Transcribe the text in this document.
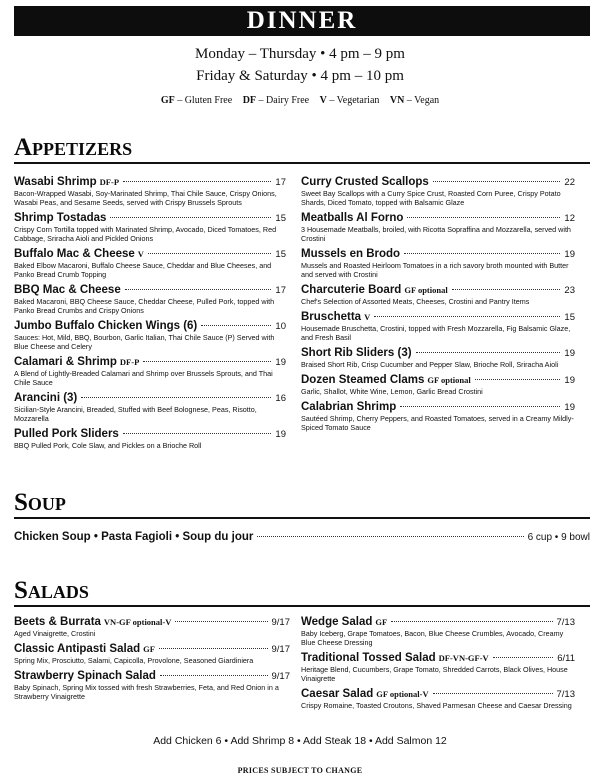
DINNER
Monday – Thursday • 4 pm – 9 pm
Friday & Saturday • 4 pm – 10 pm
GF – Gluten Free DF – Dairy Free V – Vegetarian VN – Vegan
Appetizers
Wasabi Shrimp DF-P	17
Bacon-Wrapped Wasabi, Soy-Marinated Shrimp, Thai Chile Sauce, Crispy Onions, Wasabi Peas, and Sesame Seeds, served with Crispy Brussels Sprouts
Shrimp Tostadas	15
Crispy Corn Tortilla topped with Marinated Shrimp, Avocado, Diced Tomatoes, Red Cabbage, Sriracha Aioli and Pickled Onions
Buffalo Mac & Cheese V	15
Baked Elbow Macaroni, Buffalo Cheese Sauce, Cheddar and Blue Cheeses, and Panko Bread Crumb Topping
BBQ Mac & Cheese	17
Baked Macaroni, BBQ Cheese Sauce, Cheddar Cheese, Pulled Pork, topped with Panko Bread Crumbs and Crispy Onions
Jumbo Buffalo Chicken Wings (6)	10
Sauces: Hot, Mild, BBQ, Bourbon, Garlic Italian, Thai Chile Sauce (P) Served with Blue Cheese and Celery
Calamari & Shrimp DF-P	19
A Blend of Lightly-Breaded Calamari and Shrimp over Brussels Sprouts, and Thai Chile Sauce
Arancini (3)	16
Sicilian-Style Arancini, Breaded, Stuffed with Beef Bolognese, Peas, Risotto, Mozzarella
Pulled Pork Sliders	19
BBQ Pulled Pork, Cole Slaw, and Pickles on a Brioche Roll
Curry Crusted Scallops	22
Sweet Bay Scallops with a Curry Spice Crust, Roasted Corn Puree, Crispy Potato Shards, Diced Tomato, topped with Balsamic Glaze
Meatballs Al Forno	12
3 Housemade Meatballs, broiled, with Ricotta Sopraffina and Mozzarella, served with Crostini
Mussels en Brodo	19
Mussels and Roasted Heirloom Tomatoes in a rich savory broth mounted with Butter and served with Crostini
Charcuterie Board GF optional	23
Chef's Selection of Assorted Meats, Cheeses, Crostini and Pantry Items
Bruschetta V	15
Housemade Bruschetta, Crostini, topped with Fresh Mozzarella, Fig Balsamic Glaze, and Fresh Basil
Short Rib Sliders (3)	19
Braised Short Rib, Crisp Cucumber and Pepper Slaw, Brioche Roll, Sriracha Aioli
Dozen Steamed Clams GF optional	19
Garlic, Shallot, White Wine, Lemon, Garlic Bread Crostini
Calabrian Shrimp	19
Sautéed Shrimp, Cherry Peppers, and Roasted Tomatoes, served in a Creamy Mildly-Spiced Tomato Sauce
Soup
Chicken Soup • Pasta Fagioli • Soup du jour	6 cup • 9 bowl
Salads
Beets & Burrata VN-GF optional-V	9/17
Aged Vinaigrette, Crostini
Classic Antipasti Salad GF	9/17
Spring Mix, Prosciutto, Salami, Capicolla, Provolone, Seasoned Giardiniera
Strawberry Spinach Salad	9/17
Baby Spinach, Spring Mix tossed with fresh Strawberries, Feta, and Red Onion in a Strawberry Vinaigrette
Wedge Salad GF	7/13
Baby Iceberg, Grape Tomatoes, Bacon, Blue Cheese Crumbles, Avocado, Creamy Blue Cheese Dressing
Traditional Tossed Salad DF-VN-GF-V	6/11
Heritage Blend, Cucumbers, Grape Tomato, Shredded Carrots, Black Olives, House Vinaigrette
Caesar Salad GF optional-V	7/13
Crispy Romaine, Toasted Croutons, Shaved Parmesan Cheese and Caesar Dressing
Add Chicken 6 • Add Shrimp 8 • Add Steak 18 • Add Salmon 12
PRICES SUBJECT TO CHANGE
